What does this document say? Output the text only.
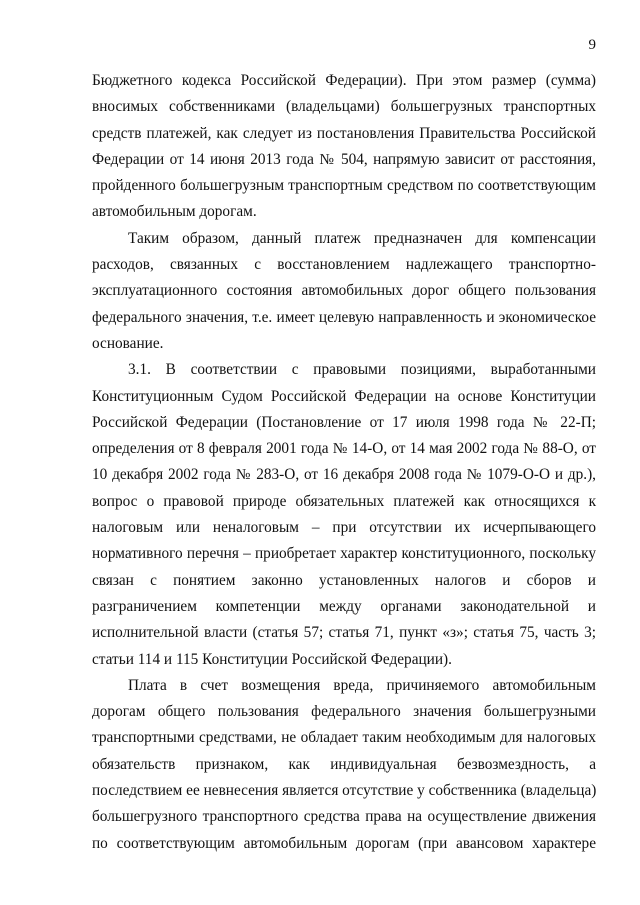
9
Бюджетного кодекса Российской Федерации). При этом размер (сумма)
вносимых собственниками (владельцами) большегрузных транспортных
средств платежей, как следует из постановления Правительства Российской
Федерации от 14 июня 2013 года № 504, напрямую зависит от расстояния,
пройденного большегрузным транспортным средством по соответствующим
автомобильным дорогам.
Таким образом, данный платеж предназначен для компенсации
расходов, связанных с восстановлением надлежащего транспортно-
эксплуатационного состояния автомобильных дорог общего пользования
федерального значения, т.е. имеет целевую направленность и экономическое
основание.
3.1. В соответствии с правовыми позициями, выработанными
Конституционным Судом Российской Федерации на основе Конституции
Российской Федерации (Постановление от 17 июля 1998 года № 22-П;
определения от 8 февраля 2001 года № 14-О, от 14 мая 2002 года № 88-О, от
10 декабря 2002 года № 283-О, от 16 декабря 2008 года № 1079-О-О и др.),
вопрос о правовой природе обязательных платежей как относящихся к
налоговым или неналоговым – при отсутствии их исчерпывающего
нормативного перечня – приобретает характер конституционного, поскольку
связан с понятием законно установленных налогов и сборов и
разграничением компетенции между органами законодательной и
исполнительной власти (статья 57; статья 71, пункт «з»; статья 75, часть 3;
статьи 114 и 115 Конституции Российской Федерации).
Плата в счет возмещения вреда, причиняемого автомобильным
дорогам общего пользования федерального значения большегрузными
транспортными средствами, не обладает таким необходимым для налоговых
обязательств признаком, как индивидуальная безвозмездность, а
последствием ее невнесения является отсутствие у собственника (владельца)
большегрузного транспортного средства права на осуществление движения
по соответствующим автомобильным дорогам (при авансовом характере
